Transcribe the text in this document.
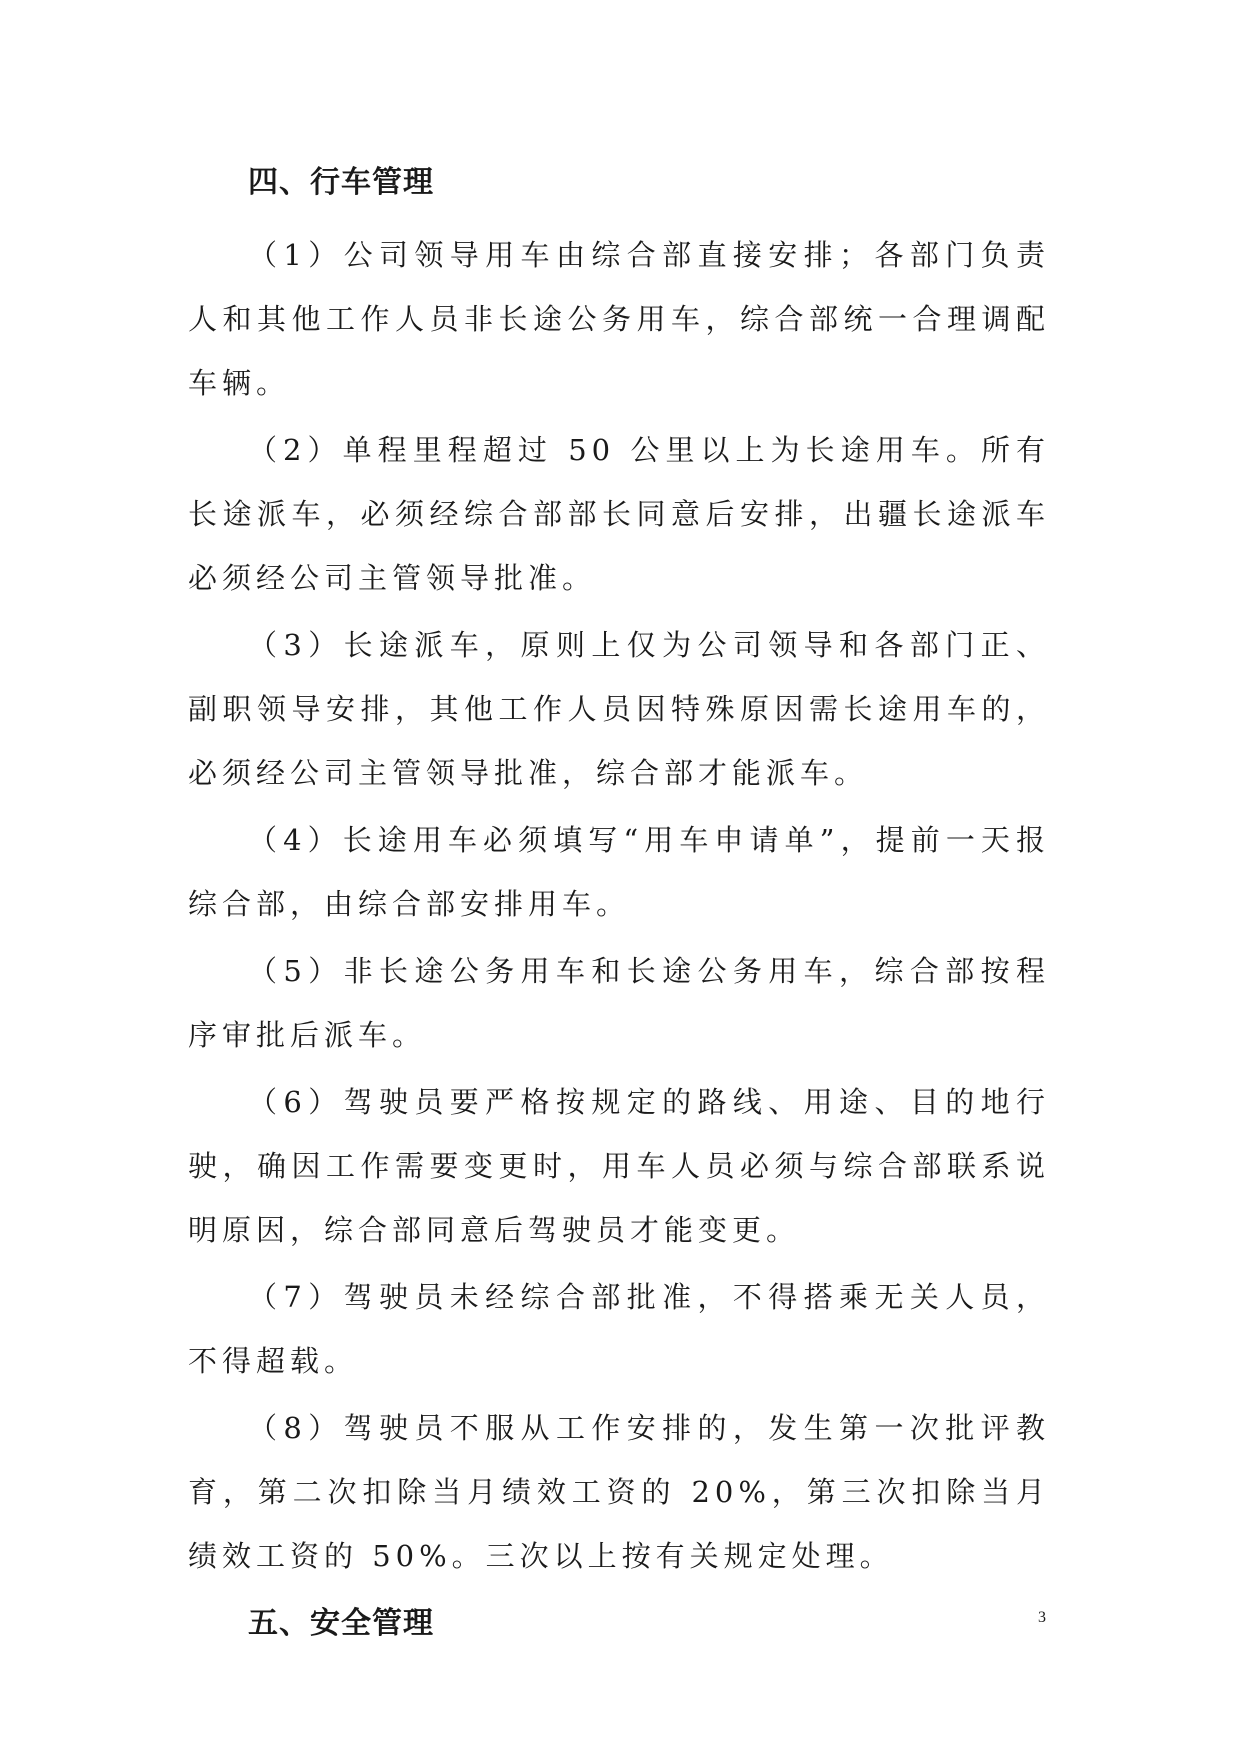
四、行车管理

（1）公司领导用车由综合部直接安排；各部门负责人和其他工作人员非长途公务用车，综合部统一合理调配车辆。

（2）单程里程超过 50 公里以上为长途用车。所有长途派车，必须经综合部部长同意后安排，出疆长途派车必须经公司主管领导批准。

（3）长途派车，原则上仅为公司领导和各部门正、副职领导安排，其他工作人员因特殊原因需长途用车的，必须经公司主管领导批准，综合部才能派车。

（4）长途用车必须填写“用车申请单”，提前一天报综合部，由综合部安排用车。

（5）非长途公务用车和长途公务用车，综合部按程序审批后派车。

（6）驾驶员要严格按规定的路线、用途、目的地行驶，确因工作需要变更时，用车人员必须与综合部联系说明原因，综合部同意后驾驶员才能变更。

（7）驾驶员未经综合部批准，不得搭乘无关人员，不得超载。

（8）驾驶员不服从工作安排的，发生第一次批评教育，第二次扣除当月绩效工资的 20%，第三次扣除当月绩效工资的 50%。三次以上按有关规定处理。

五、安全管理	3
